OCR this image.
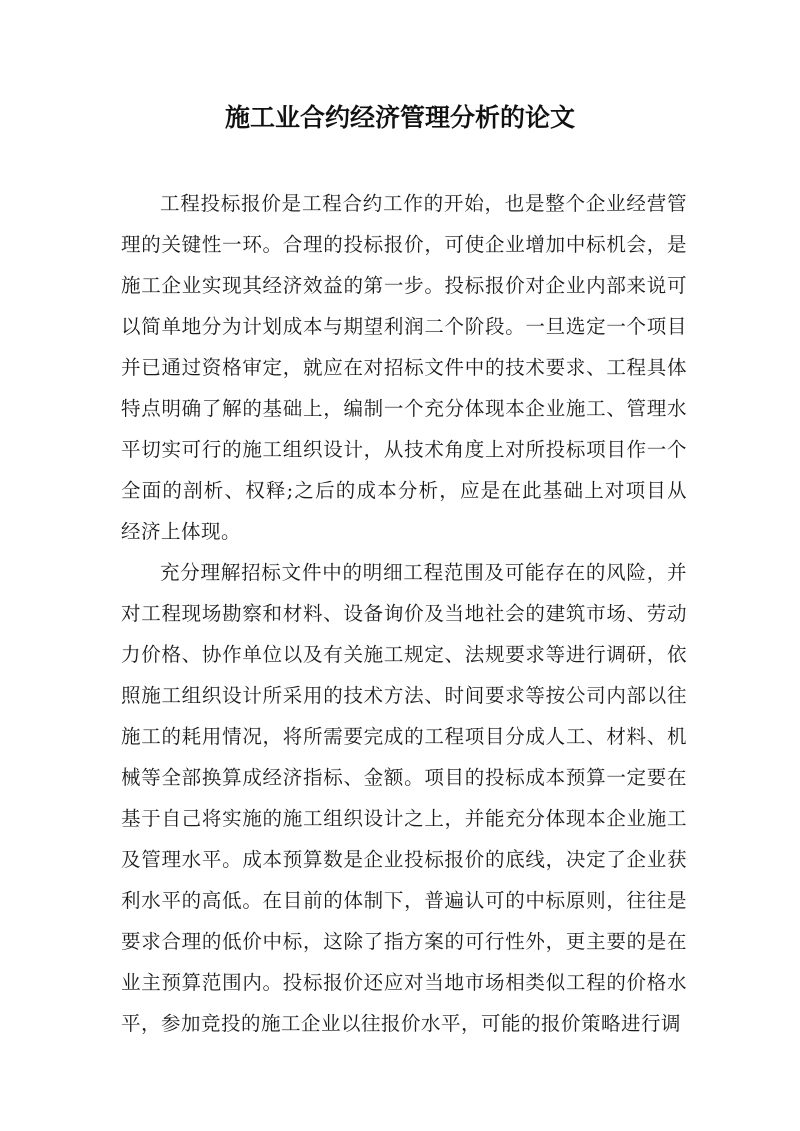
施工业合约经济管理分析的论文

工程投标报价是工程合约工作的开始，也是整个企业经营管理的关键性一环。合理的投标报价，可使企业增加中标机会，是施工企业实现其经济效益的第一步。投标报价对企业内部来说可以简单地分为计划成本与期望利润二个阶段。一旦选定一个项目并已通过资格审定，就应在对招标文件中的技术要求、工程具体特点明确了解的基础上，编制一个充分体现本企业施工、管理水平切实可行的施工组织设计，从技术角度上对所投标项目作一个全面的剖析、权释;之后的成本分析，应是在此基础上对项目从经济上体现。

充分理解招标文件中的明细工程范围及可能存在的风险，并对工程现场勘察和材料、设备询价及当地社会的建筑市场、劳动力价格、协作单位以及有关施工规定、法规要求等进行调研，依照施工组织设计所采用的技术方法、时间要求等按公司内部以往施工的耗用情况，将所需要完成的工程项目分成人工、材料、机械等全部换算成经济指标、金额。项目的投标成本预算一定要在基于自己将实施的施工组织设计之上，并能充分体现本企业施工及管理水平。成本预算数是企业投标报价的底线，决定了企业获利水平的高低。在目前的体制下，普遍认可的中标原则，往往是要求合理的低价中标，这除了指方案的可行性外，更主要的是在业主预算范围内。投标报价还应对当地市场相类似工程的价格水平，参加竞投的施工企业以往报价水平，可能的报价策略进行调
